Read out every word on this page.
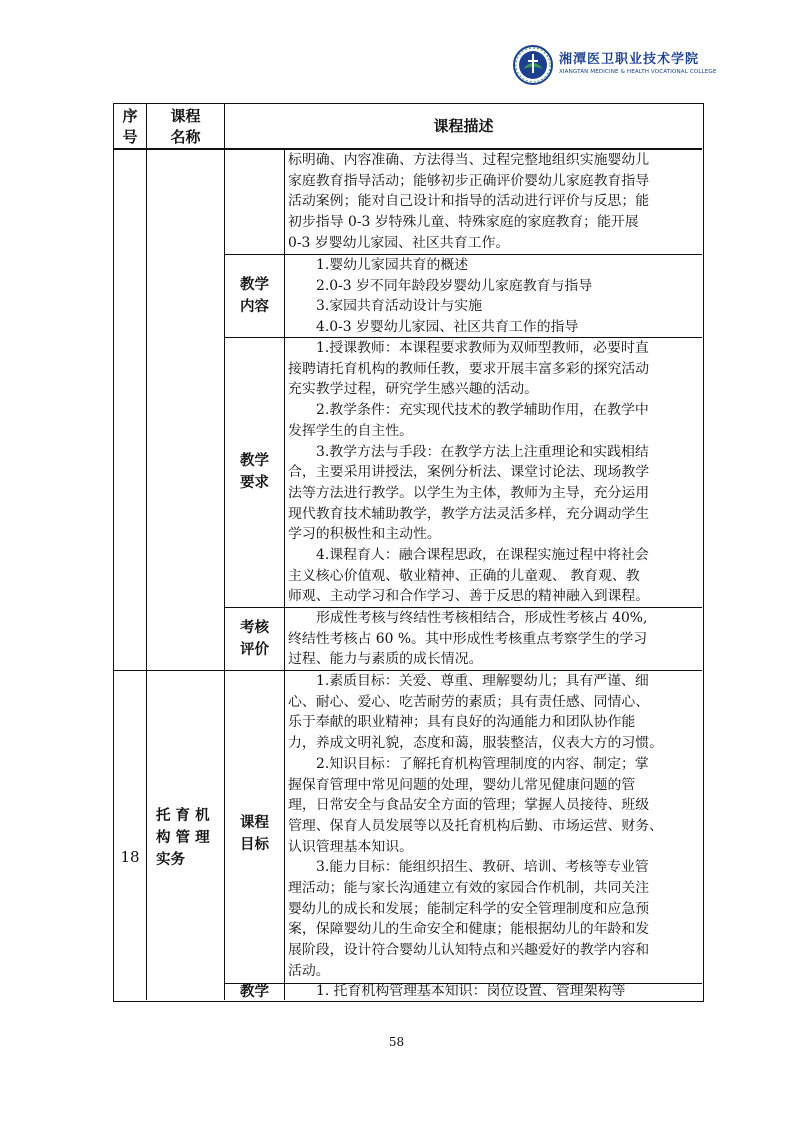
湘潭医卫职业技术学院
XIANGTAN MEDICINE & HEALTH VOCATIONAL COLLEGE
序
号
课程
名称
课程描述
标明确、内容准确、方法得当、过程完整地组织实施婴幼儿
家庭教育指导活动；能够初步正确评价婴幼儿家庭教育指导
活动案例；能对自己设计和指导的活动进行评价与反思；能
初步指导 0-3 岁特殊儿童、特殊家庭的家庭教育；能开展
0-3 岁婴幼儿家园、社区共育工作。
教学
内容
1.婴幼儿家园共育的概述
2.0-3 岁不同年龄段岁婴幼儿家庭教育与指导
3.家园共育活动设计与实施
4.0-3 岁婴幼儿家园、社区共育工作的指导
教学
要求
1.授课教师：本课程要求教师为双师型教师，必要时直
接聘请托育机构的教师任教，要求开展丰富多彩的探究活动
充实教学过程，研究学生感兴趣的活动。
2.教学条件：充实现代技术的教学辅助作用，在教学中
发挥学生的自主性。
3.教学方法与手段：在教学方法上注重理论和实践相结
合，主要采用讲授法，案例分析法、课堂讨论法、现场教学
法等方法进行教学。以学生为主体，教师为主导，充分运用
现代教育技术辅助教学，教学方法灵活多样，充分调动学生
学习的积极性和主动性。
4.课程育人：融合课程思政，在课程实施过程中将社会
主义核心价值观、敬业精神、正确的儿童观、 教育观、教
师观、主动学习和合作学习、善于反思的精神融入到课程。
考核
评价
形成性考核与终结性考核相结合，形成性考核占 40%,
终结性考核占 60 %。其中形成性考核重点考察学生的学习
过程、能力与素质的成长情况。
18
托 育 机
构 管 理
实务
课程
目标
1.素质目标：关爱、尊重、理解婴幼儿；具有严谨、细
心、耐心、爱心、吃苦耐劳的素质；具有责任感、同情心、
乐于奉献的职业精神；具有良好的沟通能力和团队协作能
力，养成文明礼貌，态度和蔼，服装整洁，仪表大方的习惯。
2.知识目标：了解托育机构管理制度的内容、制定；掌
握保育管理中常见问题的处理，婴幼儿常见健康问题的管
理，日常安全与食品安全方面的管理；掌握人员接待、班级
管理、保育人员发展等以及托育机构后勤、市场运营、财务、
认识管理基本知识。
3.能力目标：能组织招生、教研、培训、考核等专业管
理活动；能与家长沟通建立有效的家园合作机制，共同关注
婴幼儿的成长和发展；能制定科学的安全管理制度和应急预
案，保障婴幼儿的生命安全和健康；能根据幼儿的年龄和发
展阶段，设计符合婴幼儿认知特点和兴趣爱好的教学内容和
活动。
教学	1. 托育机构管理基本知识：岗位设置、管理架构等
58
